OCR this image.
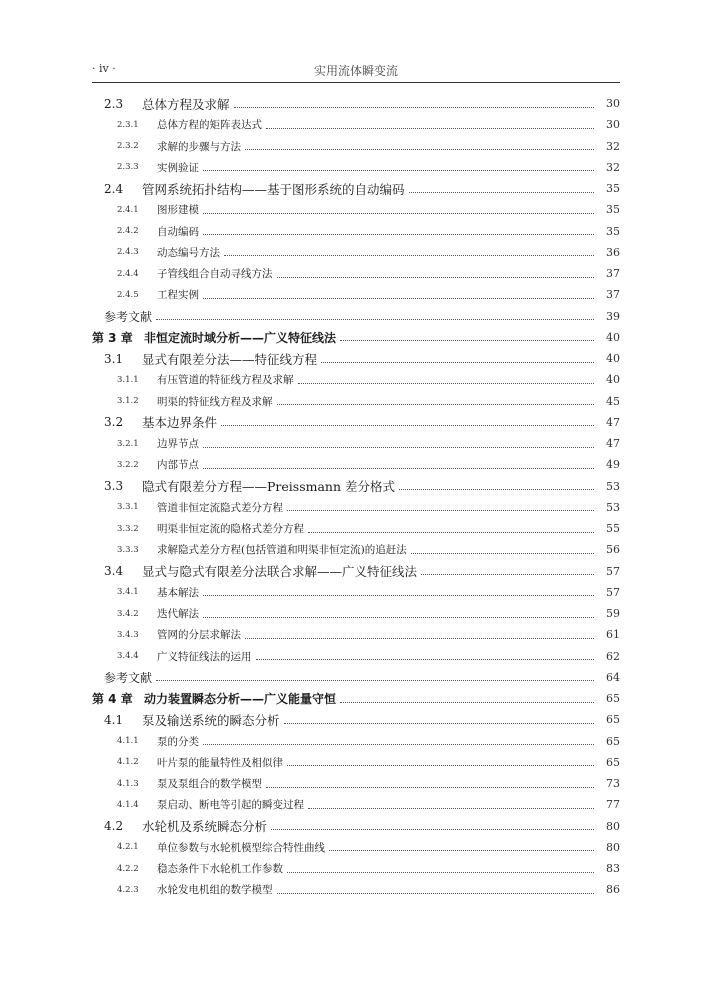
· iv ·	实用流体瞬变流
2.3	总体方程及求解	30
2.3.1	总体方程的矩阵表达式	30
2.3.2	求解的步骤与方法	32
2.3.3	实例验证	32
2.4	管网系统拓扑结构——基于图形系统的自动编码	35
2.4.1	图形建模	35
2.4.2	自动编码	35
2.4.3	动态编号方法	36
2.4.4	子管线组合自动寻线方法	37
2.4.5	工程实例	37
参考文献	39
第 3 章 非恒定流时域分析——广义特征线法	40
3.1	显式有限差分法——特征线方程	40
3.1.1	有压管道的特征线方程及求解	40
3.1.2	明渠的特征线方程及求解	45
3.2	基本边界条件	47
3.2.1	边界节点	47
3.2.2	内部节点	49
3.3	隐式有限差分方程——Preissmann 差分格式	53
3.3.1	管道非恒定流隐式差分方程	53
3.3.2	明渠非恒定流的隐格式差分方程	55
3.3.3	求解隐式差分方程(包括管道和明渠非恒定流)的追赶法	56
3.4	显式与隐式有限差分法联合求解——广义特征线法	57
3.4.1	基本解法	57
3.4.2	迭代解法	59
3.4.3	管网的分层求解法	61
3.4.4	广义特征线法的运用	62
参考文献	64
第 4 章 动力装置瞬态分析——广义能量守恒	65
4.1	泵及输送系统的瞬态分析	65
4.1.1	泵的分类	65
4.1.2	叶片泵的能量特性及相似律	65
4.1.3	泵及泵组合的数学模型	73
4.1.4	泵启动、断电等引起的瞬变过程	77
4.2	水轮机及系统瞬态分析	80
4.2.1	单位参数与水轮机模型综合特性曲线	80
4.2.2	稳态条件下水轮机工作参数	83
4.2.3	水轮发电机组的数学模型	86
